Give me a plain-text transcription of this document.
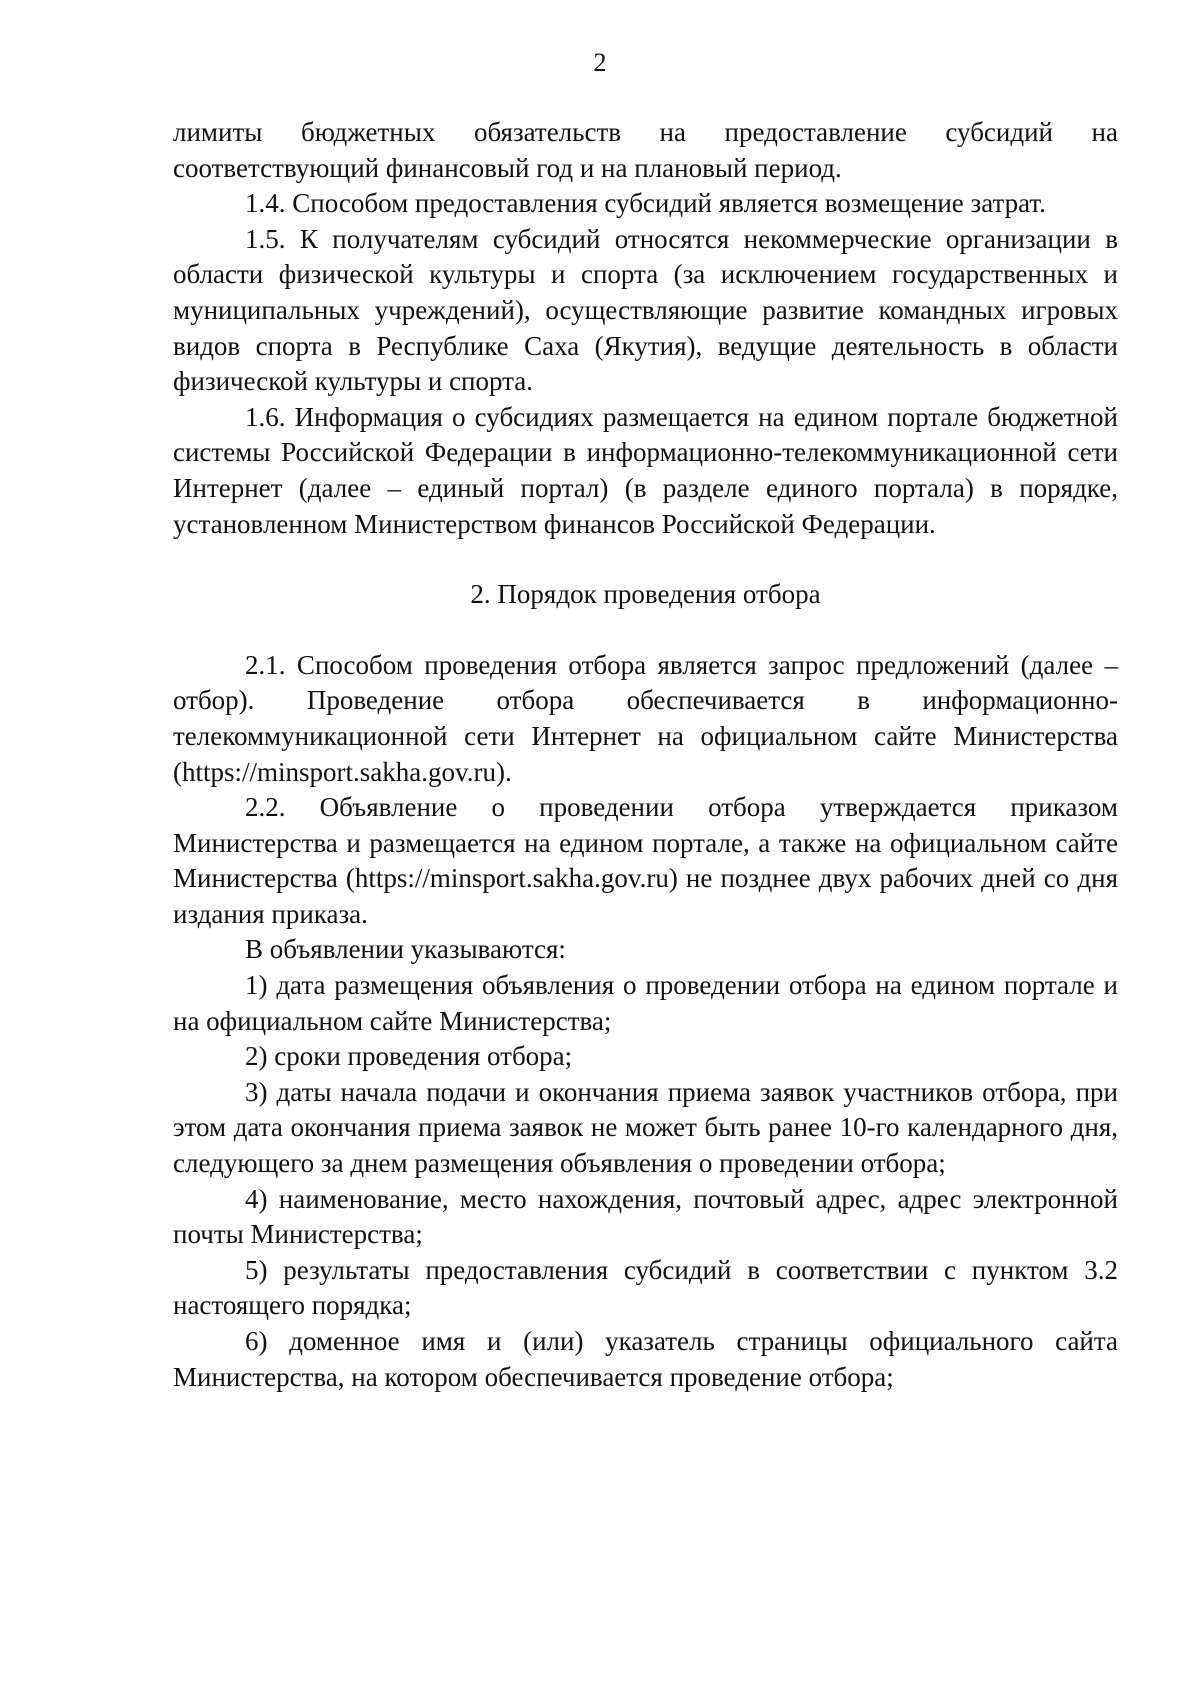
2

лимиты бюджетных обязательств на предоставление субсидий на соответствующий финансовый год и на плановый период.

1.4. Способом предоставления субсидий является возмещение затрат.

1.5. К получателям субсидий относятся некоммерческие организации в области физической культуры и спорта (за исключением государственных и муниципальных учреждений), осуществляющие развитие командных игровых видов спорта в Республике Саха (Якутия), ведущие деятельность в области физической культуры и спорта.

1.6. Информация о субсидиях размещается на едином портале бюджетной системы Российской Федерации в информационно-телекоммуникационной сети Интернет (далее – единый портал) (в разделе единого портала) в порядке, установленном Министерством финансов Российской Федерации.

2. Порядок проведения отбора

2.1. Способом проведения отбора является запрос предложений (далее – отбор). Проведение отбора обеспечивается в информационно-телекоммуникационной сети Интернет на официальном сайте Министерства (https://minsport.sakha.gov.ru).

2.2. Объявление о проведении отбора утверждается приказом Министерства и размещается на едином портале, а также на официальном сайте Министерства (https://minsport.sakha.gov.ru) не позднее двух рабочих дней со дня издания приказа.

В объявлении указываются:

1) дата размещения объявления о проведении отбора на едином портале и на официальном сайте Министерства;

2) сроки проведения отбора;

3) даты начала подачи и окончания приема заявок участников отбора, при этом дата окончания приема заявок не может быть ранее 10-го календарного дня, следующего за днем размещения объявления о проведении отбора;

4) наименование, место нахождения, почтовый адрес, адрес электронной почты Министерства;

5) результаты предоставления субсидий в соответствии с пунктом 3.2 настоящего порядка;

6) доменное имя и (или) указатель страницы официального сайта Министерства, на котором обеспечивается проведение отбора;
